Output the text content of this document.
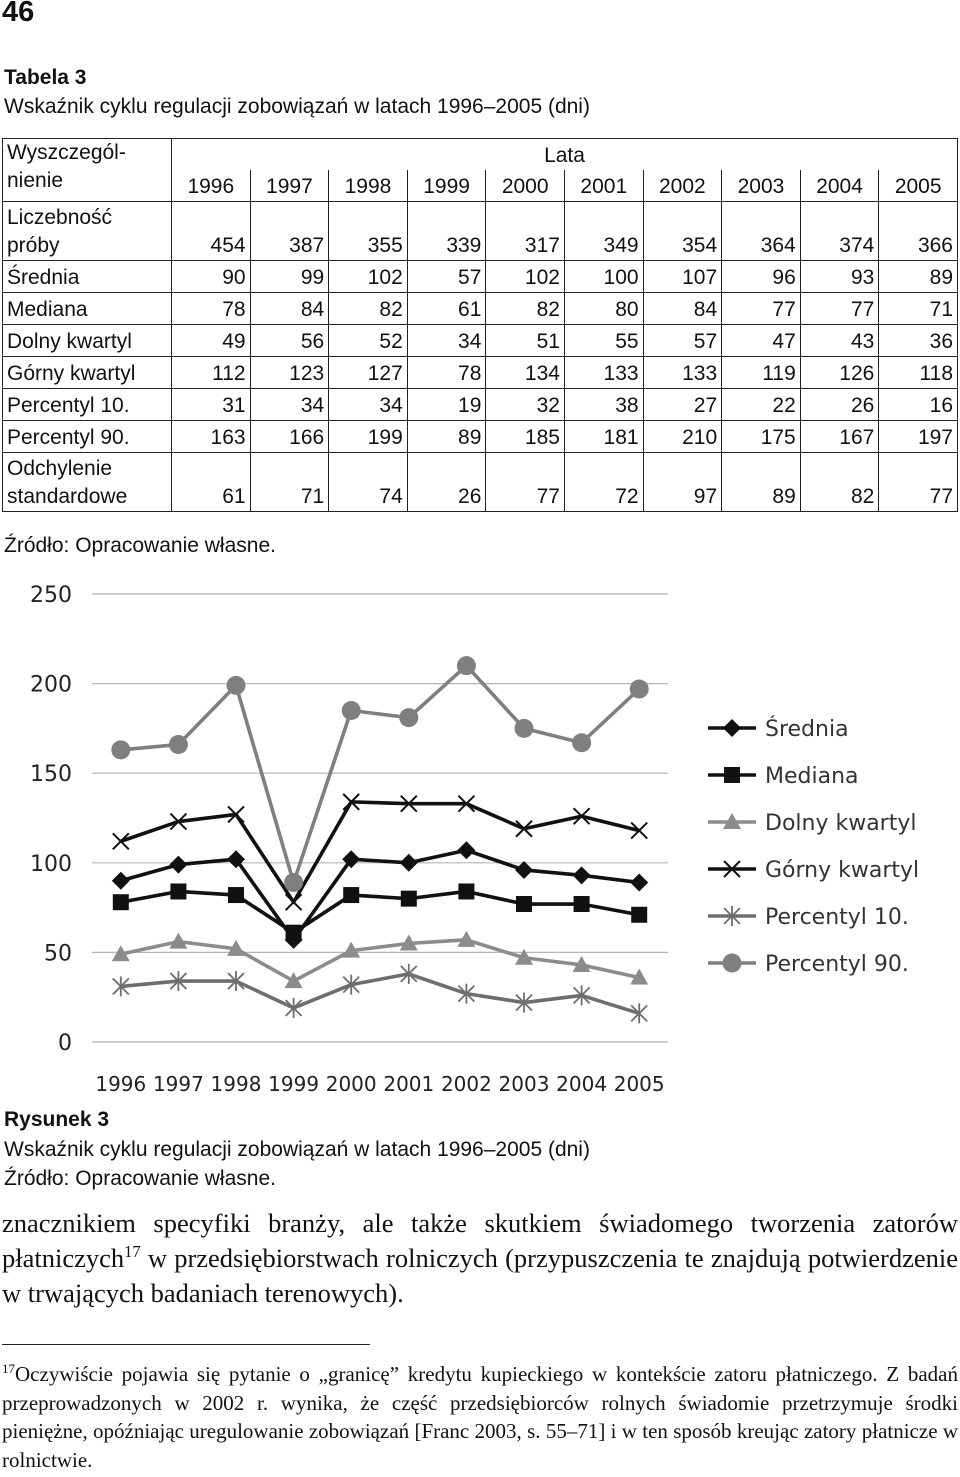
46
Tabela 3
Wskaźnik cyklu regulacji zobowiązań w latach 1996–2005 (dni)
Wyszczegól-
nienie	Lata									
	1996	1997	1998	1999	2000	2001	2002	2003	2004	2005

Liczebność
próby	454	387	355	339	317	349	354	364	374	366

Średnia	90	99	102	57	102	100	107	96	93	89

Mediana	78	84	82	61	82	80	84	77	77	71

Dolny kwartyl	49	56	52	34	51	55	57	47	43	36

Górny kwartyl	112	123	127	78	134	133	133	119	126	118

Percentyl 10.	31	34	34	19	32	38	27	22	26	16

Percentyl 90.	163	166	199	89	185	181	210	175	167	197

Odchylenie
standardowe	61	71	74	26	77	72	97	89	82	77
Źródło: Opracowanie własne.
0
50
100
150
200
250
1996 1997 1998 1999 2000 2001 2002 2003 2004 2005
Średnia
Mediana
Dolny kwartyl
Górny kwartyl
Percentyl 10.
Percentyl 90.
Rysunek 3
Wskaźnik cyklu regulacji zobowiązań w latach 1996–2005 (dni)
Źródło: Opracowanie własne.
znacznikiem specyfiki branży, ale także skutkiem świadomego tworzenia zatorów płatniczych$^{17}$ w przedsiębiorstwach rolniczych (przypuszczenia te znajdują potwierdzenie w trwających badaniach terenowych).
$^{17}$Oczywiście pojawia się pytanie o „granicę” kredytu kupieckiego w kontekście zatoru płatniczego. Z badań przeprowadzonych w 2002 r. wynika, że część przedsiębiorców rolnych świadomie przetrzymuje środki pieniężne, opóźniając uregulowanie zobowiązań [Franc 2003, s. 55–71] i w ten sposób kreując zatory płatnicze w rolnictwie.
